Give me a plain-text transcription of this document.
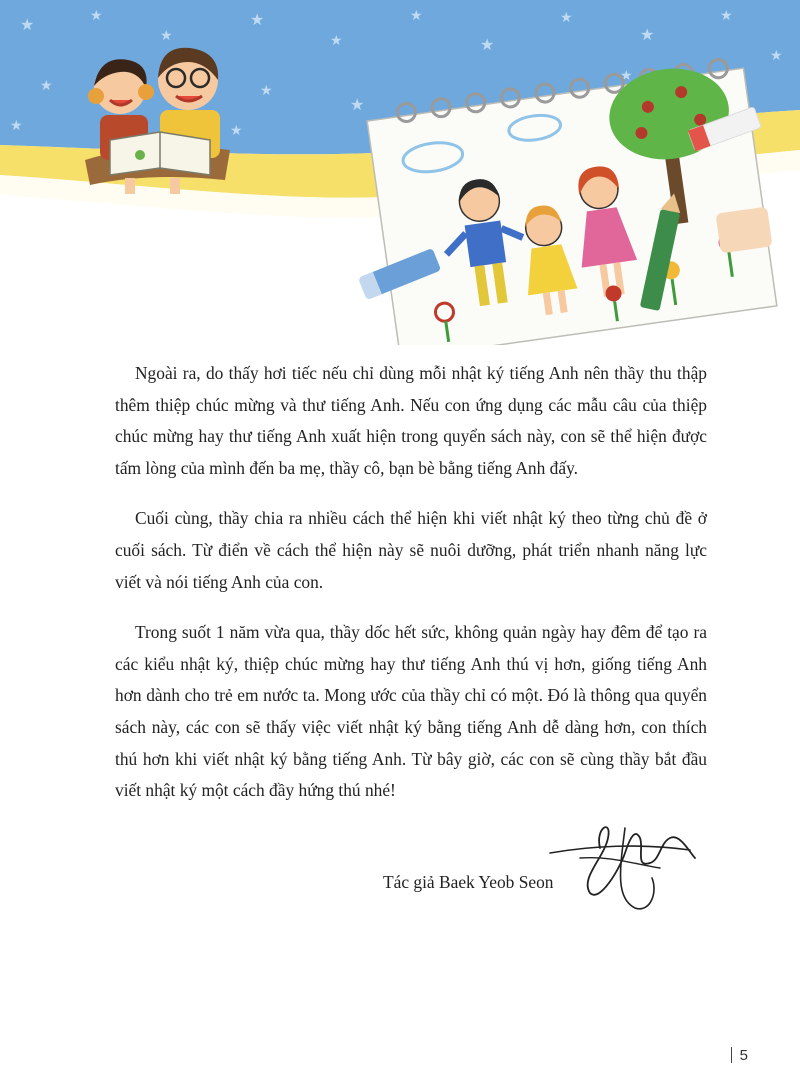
★
★
★
★
★
★
★
★
★
★
★
★	★
★
★	★
★

Ngoài ra, do thấy hơi tiếc nếu chỉ dùng mỗi nhật ký tiếng Anh nên thầy thu thập thêm thiệp chúc mừng và thư tiếng Anh. Nếu con ứng dụng các mẫu câu của thiệp chúc mừng hay thư tiếng Anh xuất hiện trong quyển sách này, con sẽ thể hiện được tấm lòng của mình đến ba mẹ, thầy cô, bạn bè bằng tiếng Anh đấy.

Cuối cùng, thầy chia ra nhiều cách thể hiện khi viết nhật ký theo từng chủ đề ở cuối sách. Từ điển về cách thể hiện này sẽ nuôi dưỡng, phát triển nhanh năng lực viết và nói tiếng Anh của con.

Trong suốt 1 năm vừa qua, thầy dốc hết sức, không quản ngày hay đêm để tạo ra các kiểu nhật ký, thiệp chúc mừng hay thư tiếng Anh thú vị hơn, giống tiếng Anh hơn dành cho trẻ em nước ta. Mong ước của thầy chỉ có một. Đó là thông qua quyển sách này, các con sẽ thấy việc viết nhật ký bằng tiếng Anh dễ dàng hơn, con thích thú hơn khi viết nhật ký bằng tiếng Anh. Từ bây giờ, các con sẽ cùng thầy bắt đầu viết nhật ký một cách đầy hứng thú nhé!

Tác giả Baek Yeob Seon
5
